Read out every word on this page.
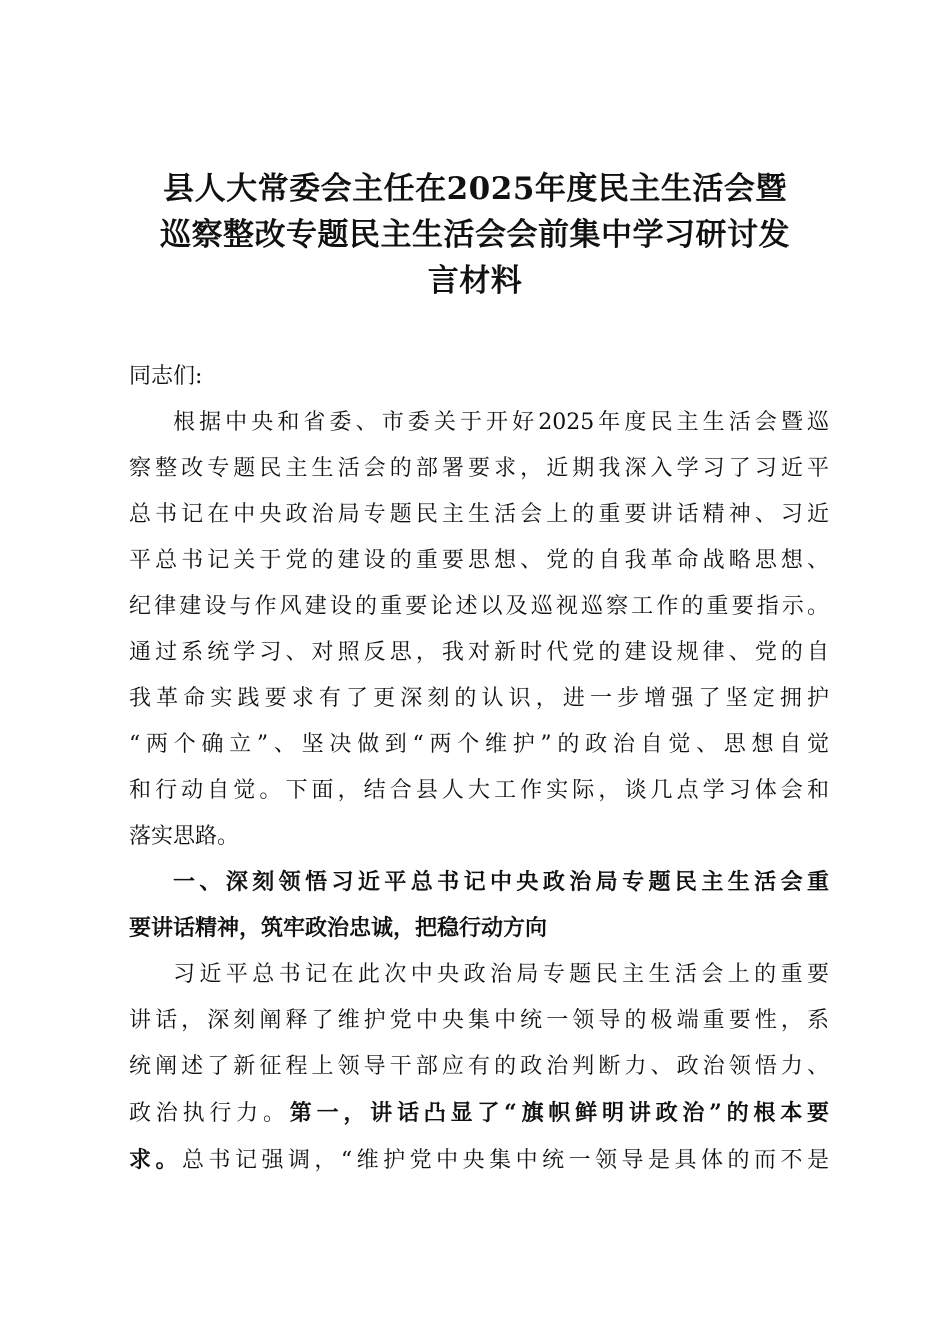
县人大常委会主任在2025年度民主生活会暨
巡察整改专题民主生活会会前集中学习研讨发
言材料

同志们:

根据中央和省委、市委关于开好2025年度民主生活会暨巡
察整改专题民主生活会的部署要求，近期我深入学习了习近平
总书记在中央政治局专题民主生活会上的重要讲话精神、习近
平总书记关于党的建设的重要思想、党的自我革命战略思想、
纪律建设与作风建设的重要论述以及巡视巡察工作的重要指示。
通过系统学习、对照反思，我对新时代党的建设规律、党的自
我革命实践要求有了更深刻的认识，进一步增强了坚定拥护
“两个确立”、坚决做到“两个维护”的政治自觉、思想自觉
和行动自觉。下面，结合县人大工作实际，谈几点学习体会和
落实思路。

一、深刻领悟习近平总书记中央政治局专题民主生活会重
要讲话精神，筑牢政治忠诚，把稳行动方向

习近平总书记在此次中央政治局专题民主生活会上的重要
讲话，深刻阐释了维护党中央集中统一领导的极端重要性，系
统阐述了新征程上领导干部应有的政治判断力、政治领悟力、
政治执行力。第一，讲话凸显了“旗帜鲜明讲政治”的根本要
求。总书记强调，“维护党中央集中统一领导是具体的而不是
